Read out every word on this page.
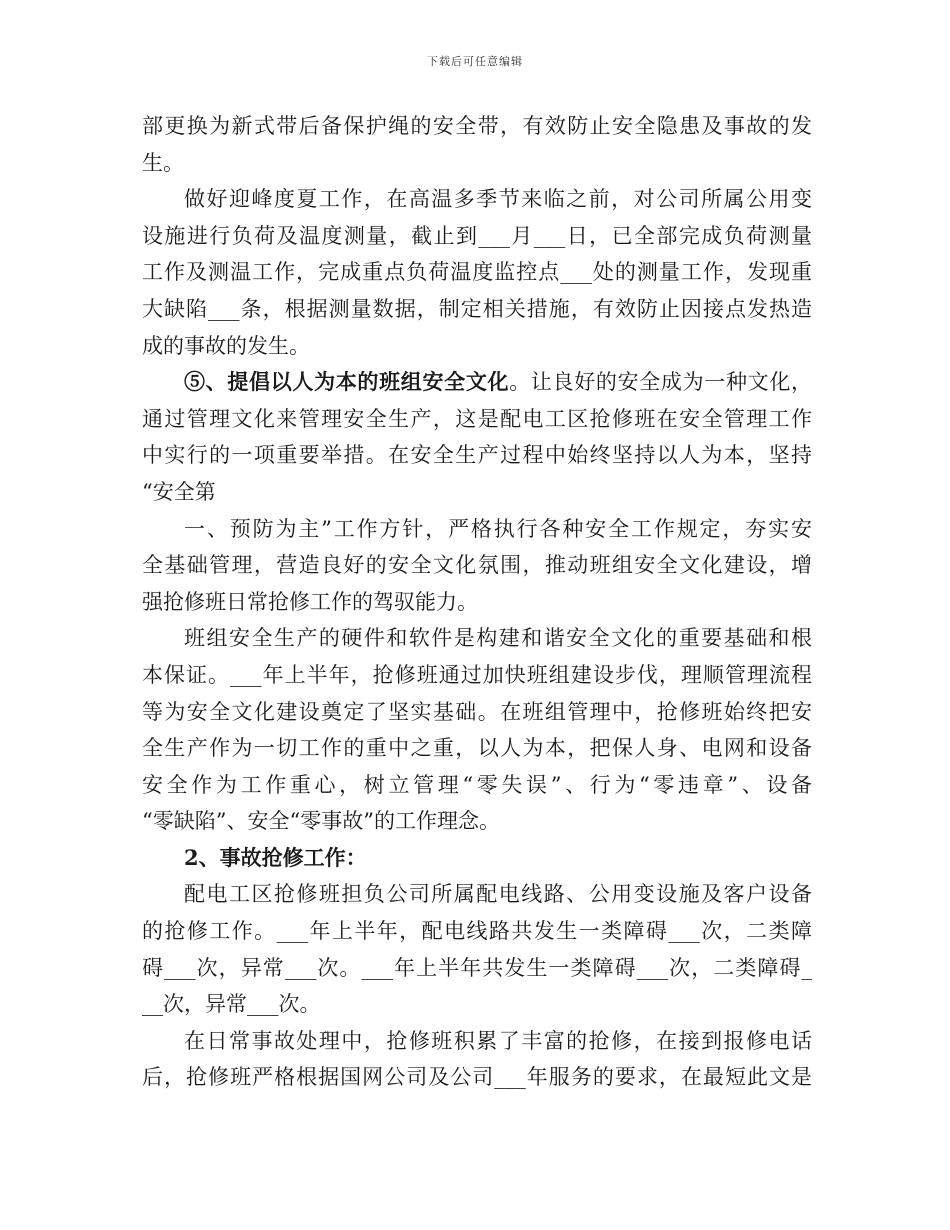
下载后可任意编辑
部更换为新式带后备保护绳的安全带，有效防止安全隐患及事故的发
生。
做好迎峰度夏工作，在高温多季节来临之前，对公司所属公用变
设施进行负荷及温度测量，截止到___月___日，已全部完成负荷测量
工作及测温工作，完成重点负荷温度监控点___处的测量工作，发现重
大缺陷___条，根据测量数据，制定相关措施，有效防止因接点发热造
成的事故的发生。
⑤、提倡以人为本的班组安全文化。让良好的安全成为一种文化，
通过管理文化来管理安全生产，这是配电工区抢修班在安全管理工作
中实行的一项重要举措。在安全生产过程中始终坚持以人为本，坚持
“安全第
一、预防为主”工作方针，严格执行各种安全工作规定，夯实安
全基础管理，营造良好的安全文化氛围，推动班组安全文化建设，增
强抢修班日常抢修工作的驾驭能力。
班组安全生产的硬件和软件是构建和谐安全文化的重要基础和根
本保证。___年上半年，抢修班通过加快班组建设步伐，理顺管理流程
等为安全文化建设奠定了坚实基础。在班组管理中，抢修班始终把安
全生产作为一切工作的重中之重，以人为本，把保人身、电网和设备
安全作为工作重心，树立管理“零失误”、行为“零违章”、设备
“零缺陷”、安全“零事故”的工作理念。
2、事故抢修工作：
配电工区抢修班担负公司所属配电线路、公用变设施及客户设备
的抢修工作。___年上半年，配电线路共发生一类障碍___次，二类障
碍___次，异常___次。___年上半年共发生一类障碍___次，二类障碍_
__次，异常___次。
在日常事故处理中，抢修班积累了丰富的抢修，在接到报修电话
后，抢修班严格根据国网公司及公司___年服务的要求，在最短此文是
